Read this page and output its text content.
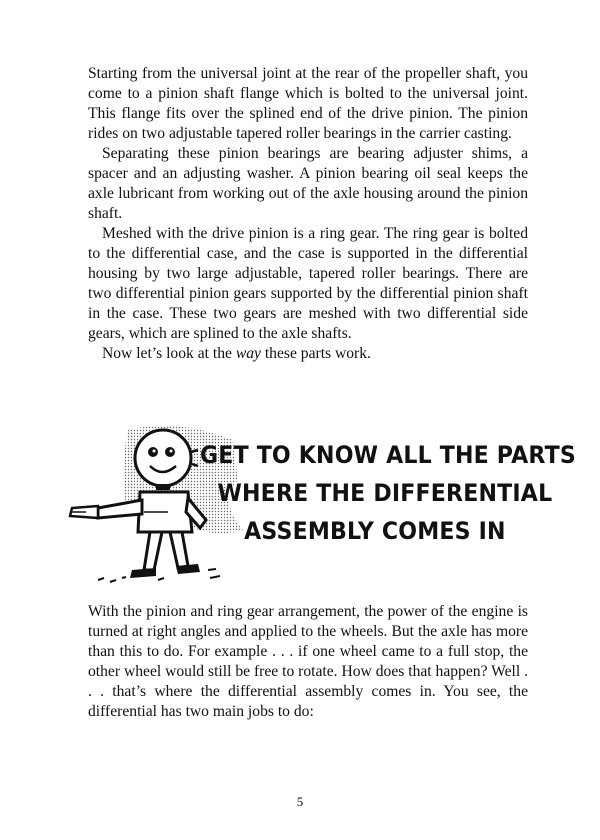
Starting from the universal joint at the rear of the propeller shaft, you come to a pinion shaft flange which is bolted to the universal joint. This flange fits over the splined end of the drive pinion. The pinion rides on two adjustable tapered roller bearings in the carrier casting.

Separating these pinion bearings are bearing adjuster shims, a spacer and an adjusting washer. A pinion bearing oil seal keeps the axle lubricant from working out of the axle housing around the pinion shaft.

Meshed with the drive pinion is a ring gear. The ring gear is bolted to the differential case, and the case is supported in the differential housing by two large adjustable, tapered roller bearings. There are two differential pinion gears supported by the differential pinion shaft in the case. These two gears are meshed with two differential side gears, which are splined to the axle shafts.

Now let’s look at the way these parts work.

GET TO KNOW ALL THE PARTS
WHERE THE DIFFERENTIAL
ASSEMBLY COMES IN

With the pinion and ring gear arrangement, the power of the engine is turned at right angles and applied to the wheels. But the axle has more than this to do. For example . . . if one wheel came to a full stop, the other wheel would still be free to rotate. How does that happen? Well . . . that’s where the differential assembly comes in. You see, the differential has two main jobs to do:

5
